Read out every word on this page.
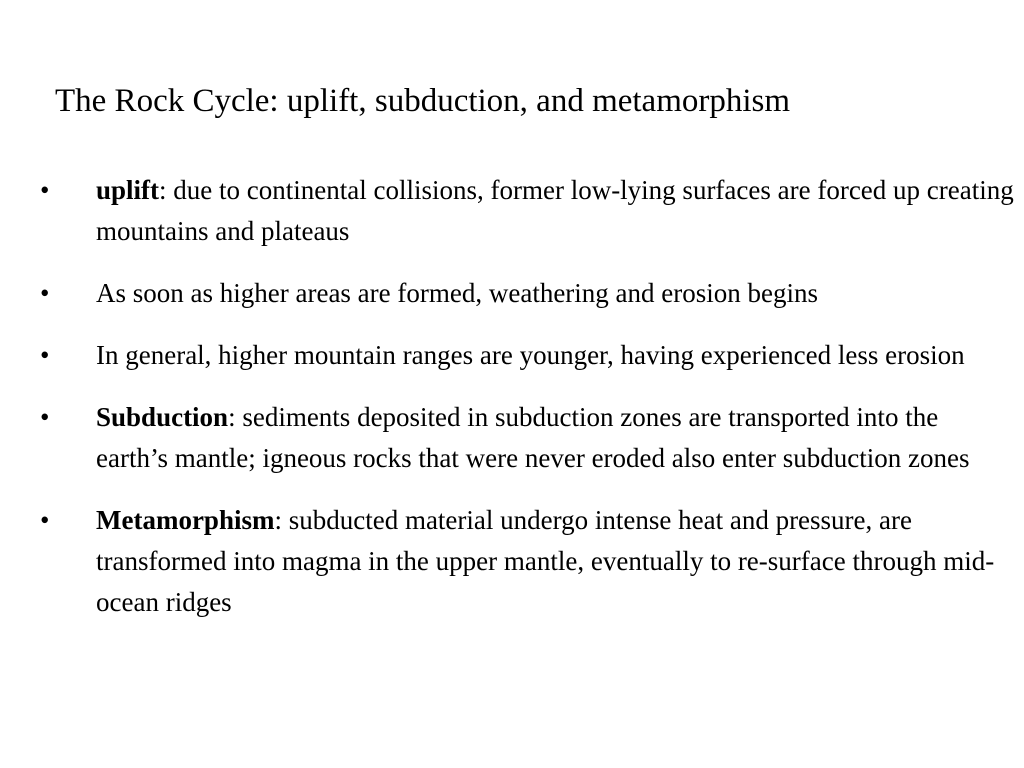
The Rock Cycle: uplift, subduction, and metamorphism
• uplift: due to continental collisions, former low-lying surfaces are forced up creating mountains and plateaus
• As soon as higher areas are formed, weathering and erosion begins
• In general, higher mountain ranges are younger, having experienced less erosion
• Subduction: sediments deposited in subduction zones are transported into the earth’s mantle; igneous rocks that were never eroded also enter subduction zones
• Metamorphism: subducted material undergo intense heat and pressure, are transformed into magma in the upper mantle, eventually to re-surface through mid-ocean ridges
